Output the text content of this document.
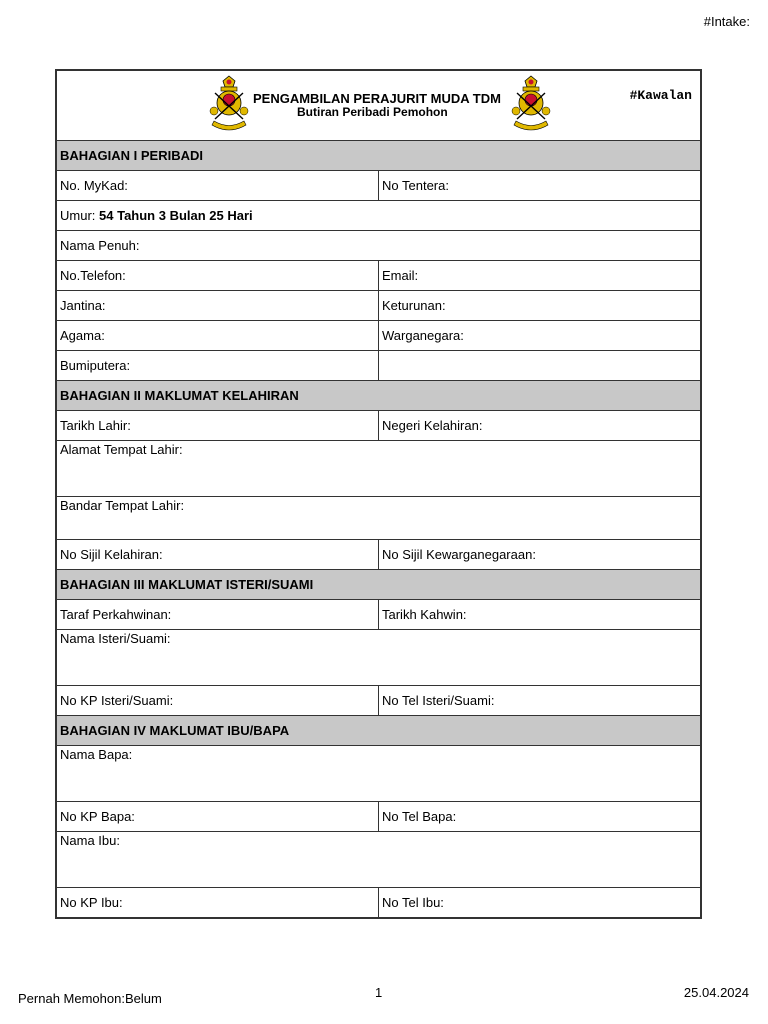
#Intake:
PENGAMBILAN PERAJURIT MUDA TDM
Butiran Peribadi Pemohon
#Kawalan
BAHAGIAN I PERIBADI
No. MyKad:	No Tentera:
Umur:
54 Tahun 3 Bulan 25 Hari
Nama Penuh:
No.Telefon:	Email:
Jantina:	Keturunan:
Agama:	Warganegara:
Bumiputera:
BAHAGIAN II MAKLUMAT KELAHIRAN
Tarikh Lahir:	Negeri Kelahiran:
Alamat Tempat Lahir:
Bandar Tempat Lahir:
No Sijil Kelahiran:	No Sijil Kewarganegaraan:
BAHAGIAN III MAKLUMAT ISTERI/SUAMI
Taraf Perkahwinan:	Tarikh Kahwin:
Nama Isteri/Suami:
No KP Isteri/Suami:	No Tel Isteri/Suami:
BAHAGIAN IV MAKLUMAT IBU/BAPA
Nama Bapa:
No KP Bapa:	No Tel Bapa:
Nama Ibu:
No KP Ibu:	No Tel Ibu:
Pernah Memohon:Belum	1	25.04.2024
